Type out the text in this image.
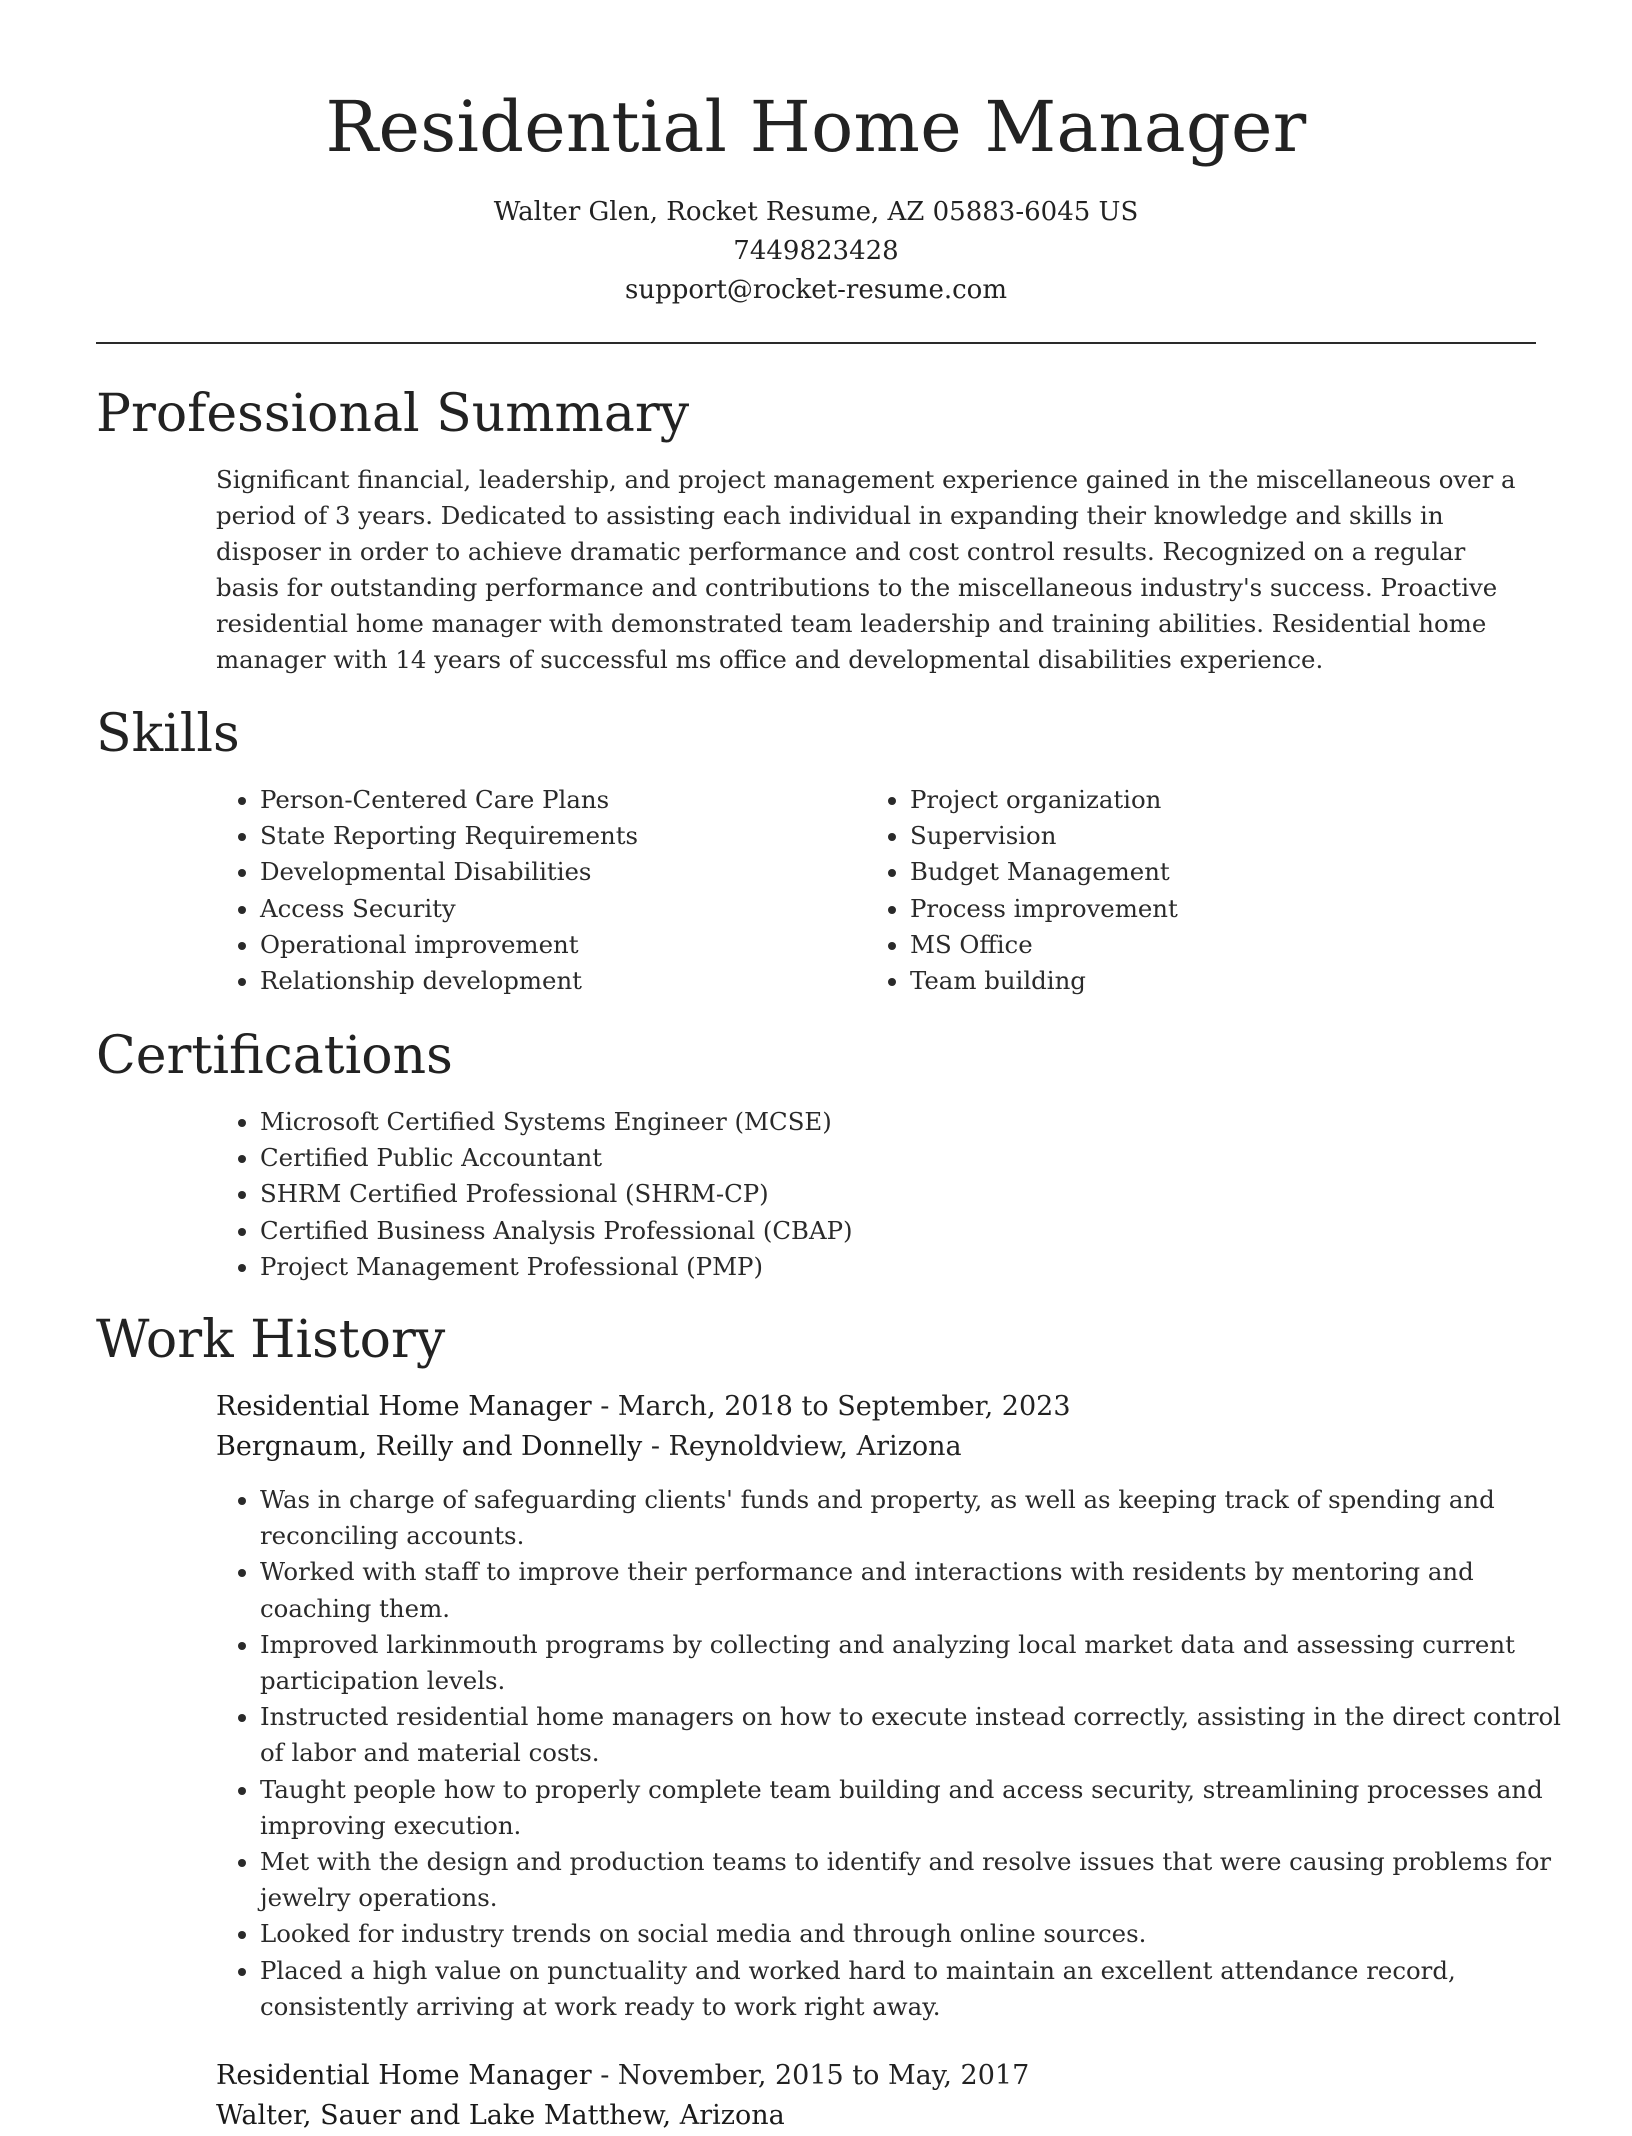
Residential Home Manager
Walter Glen, Rocket Resume, AZ 05883-6045 US
7449823428
support@rocket-resume.com
Professional Summary

Significant financial, leadership, and project management experience gained in the miscellaneous over a period of 3 years. Dedicated to assisting each individual in expanding their knowledge and skills in disposer in order to achieve dramatic performance and cost control results. Recognized on a regular basis for outstanding performance and contributions to the miscellaneous industry's success. Proactive residential home manager with demonstrated team leadership and training abilities. Residential home manager with 14 years of successful ms office and developmental disabilities experience.

Skills
• Person-Centered Care Plans
• State Reporting Requirements
• Developmental Disabilities
• Access Security
• Operational improvement
• Relationship development
• Project organization
• Supervision
• Budget Management
• Process improvement
• MS Office
• Team building
Certifications
• Microsoft Certified Systems Engineer (MCSE)
• Certified Public Accountant
• SHRM Certified Professional (SHRM-CP)
• Certified Business Analysis Professional (CBAP)
• Project Management Professional (PMP)
Work History
Residential Home Manager - March, 2018 to September, 2023
Bergnaum, Reilly and Donnelly - Reynoldview, Arizona
• Was in charge of safeguarding clients' funds and property, as well as keeping track of spending and reconciling accounts.
• Worked with staff to improve their performance and interactions with residents by mentoring and coaching them.
• Improved larkinmouth programs by collecting and analyzing local market data and assessing current participation levels.
• Instructed residential home managers on how to execute instead correctly, assisting in the direct control of labor and material costs.
• Taught people how to properly complete team building and access security, streamlining processes and improving execution.
• Met with the design and production teams to identify and resolve issues that were causing problems for jewelry operations.
• Looked for industry trends on social media and through online sources.
• Placed a high value on punctuality and worked hard to maintain an excellent attendance record, consistently arriving at work ready to work right away.
Residential Home Manager - November, 2015 to May, 2017
Walter, Sauer and Lake Matthew, Arizona
